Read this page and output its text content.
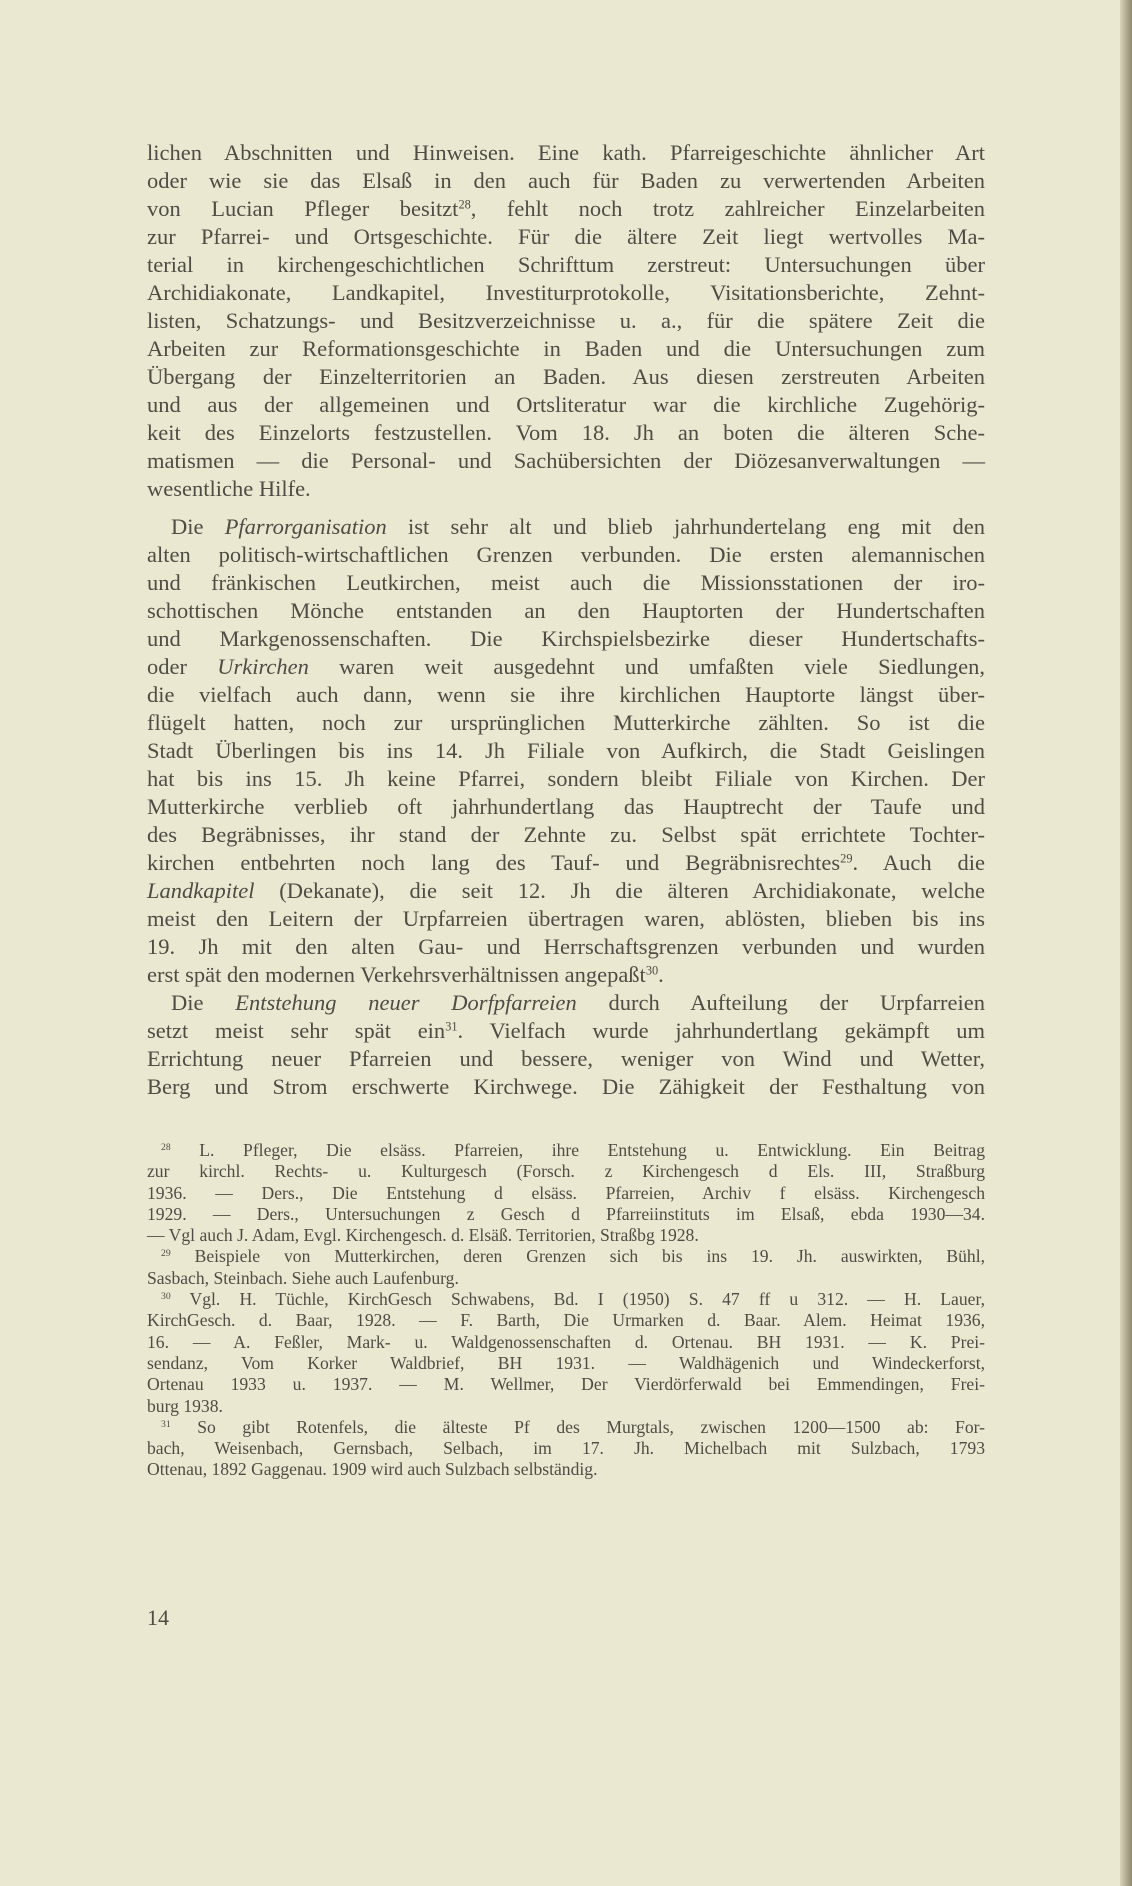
lichen Abschnitten und Hinweisen. Eine kath. Pfarreigeschichte ähnlicher Art
oder wie sie das Elsaß in den auch für Baden zu verwertenden Arbeiten
von Lucian Pfleger besitzt$^{28}$, fehlt noch trotz zahlreicher Einzelarbeiten
zur Pfarrei- und Ortsgeschichte. Für die ältere Zeit liegt wertvolles Ma-
terial in kirchengeschichtlichen Schrifttum zerstreut: Untersuchungen über
Archidiakonate, Landkapitel, Investiturprotokolle, Visitationsberichte, Zehnt-
listen, Schatzungs- und Besitzverzeichnisse u. a., für die spätere Zeit die
Arbeiten zur Reformationsgeschichte in Baden und die Untersuchungen zum
Übergang der Einzelterritorien an Baden. Aus diesen zerstreuten Arbeiten
und aus der allgemeinen und Ortsliteratur war die kirchliche Zugehörig-
keit des Einzelorts festzustellen. Vom 18. Jh an boten die älteren Sche-
matismen — die Personal- und Sachübersichten der Diözesanverwaltungen —
wesentliche Hilfe.
Die Pfarrorganisation ist sehr alt und blieb jahrhundertelang eng mit den
alten politisch-wirtschaftlichen Grenzen verbunden. Die ersten alemannischen
und fränkischen Leutkirchen, meist auch die Missionsstationen der iro-
schottischen Mönche entstanden an den Hauptorten der Hundertschaften
und Markgenossenschaften. Die Kirchspielsbezirke dieser Hundertschafts-
oder Urkirchen waren weit ausgedehnt und umfaßten viele Siedlungen,
die vielfach auch dann, wenn sie ihre kirchlichen Hauptorte längst über-
flügelt hatten, noch zur ursprünglichen Mutterkirche zählten. So ist die
Stadt Überlingen bis ins 14. Jh Filiale von Aufkirch, die Stadt Geislingen
hat bis ins 15. Jh keine Pfarrei, sondern bleibt Filiale von Kirchen. Der
Mutterkirche verblieb oft jahrhundertlang das Hauptrecht der Taufe und
des Begräbnisses, ihr stand der Zehnte zu. Selbst spät errichtete Tochter-
kirchen entbehrten noch lang des Tauf- und Begräbnisrechtes$^{29}$. Auch die
Landkapitel (Dekanate), die seit 12. Jh die älteren Archidiakonate, welche
meist den Leitern der Urpfarreien übertragen waren, ablösten, blieben bis ins
19. Jh mit den alten Gau- und Herrschaftsgrenzen verbunden und wurden
erst spät den modernen Verkehrsverhältnissen angepaßt$^{30}$.
Die Entstehung neuer Dorfpfarreien durch Aufteilung der Urpfarreien
setzt meist sehr spät ein$^{31}$. Vielfach wurde jahrhundertlang gekämpft um
Errichtung neuer Pfarreien und bessere, weniger von Wind und Wetter,
Berg und Strom erschwerte Kirchwege. Die Zähigkeit der Festhaltung von
$^{28}$ L. Pfleger, Die elsäss. Pfarreien, ihre Entstehung u. Entwicklung. Ein Beitrag
zur kirchl. Rechts- u. Kulturgesch (Forsch. z Kirchengesch d Els. III, Straßburg
1936. — Ders., Die Entstehung d elsäss. Pfarreien, Archiv f elsäss. Kirchengesch
1929. — Ders., Untersuchungen z Gesch d Pfarreiinstituts im Elsaß, ebda 1930—34.
— Vgl auch J. Adam, Evgl. Kirchengesch. d. Elsäß. Territorien, Straßbg 1928.
$^{29}$ Beispiele von Mutterkirchen, deren Grenzen sich bis ins 19. Jh. auswirkten, Bühl,
Sasbach, Steinbach. Siehe auch Laufenburg.
$^{30}$ Vgl. H. Tüchle, KirchGesch Schwabens, Bd. I (1950) S. 47 ff u 312. — H. Lauer,
KirchGesch. d. Baar, 1928. — F. Barth, Die Urmarken d. Baar. Alem. Heimat 1936,
16. — A. Feßler, Mark- u. Waldgenossenschaften d. Ortenau. BH 1931. — K. Prei-
sendanz, Vom Korker Waldbrief, BH 1931. — Waldhägenich und Windeckerforst,
Ortenau 1933 u. 1937. — M. Wellmer, Der Vierdörferwald bei Emmendingen, Frei-
burg 1938.
$^{31}$ So gibt Rotenfels, die älteste Pf des Murgtals, zwischen 1200—1500 ab: For-
bach, Weisenbach, Gernsbach, Selbach, im 17. Jh. Michelbach mit Sulzbach, 1793
Ottenau, 1892 Gaggenau. 1909 wird auch Sulzbach selbständig.
14
